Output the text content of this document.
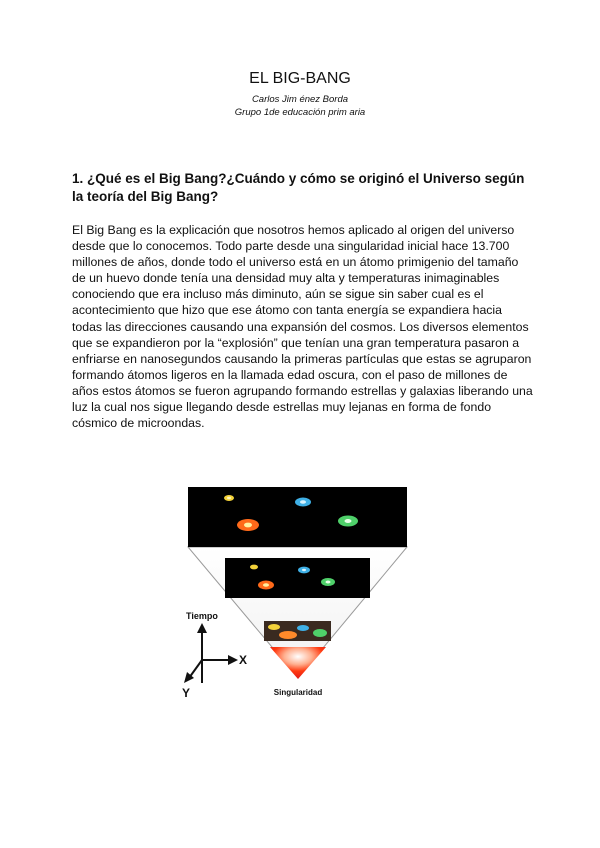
EL BIG-BANG

Carlos Jim énez Borda

Grupo 1de educación prim aria

1. ¿Qué es el Big Bang?¿Cuándo y cómo se originó el Universo según la teoría del Big Bang?

El Big Bang es la explicación que nosotros hemos aplicado al origen del universo desde que lo conocemos. Todo parte desde una singularidad inicial hace 13.700 millones de años, donde todo el universo está en un átomo primigenio del tamaño de un huevo donde tenía una densidad muy alta y temperaturas inimaginables conociendo que era incluso más diminuto, aún se sigue sin saber cual es el acontecimiento que hizo que ese átomo con tanta energía se expandiera hacia todas las direcciones causando una expansión del cosmos. Los diversos elementos que se expandieron por la “explosión” que tenían una gran temperatura pasaron a enfriarse en nanosegundos causando la primeras partículas que estas se agruparon formando átomos ligeros en la llamada edad oscura, con el paso de millones de años estos átomos se fueron agrupando formando estrellas y galaxias liberando una luz la cual nos sigue llegando desde estrellas muy lejanas en forma de fondo cósmico de microondas.

Tiempo
X
Y	Singularidad
